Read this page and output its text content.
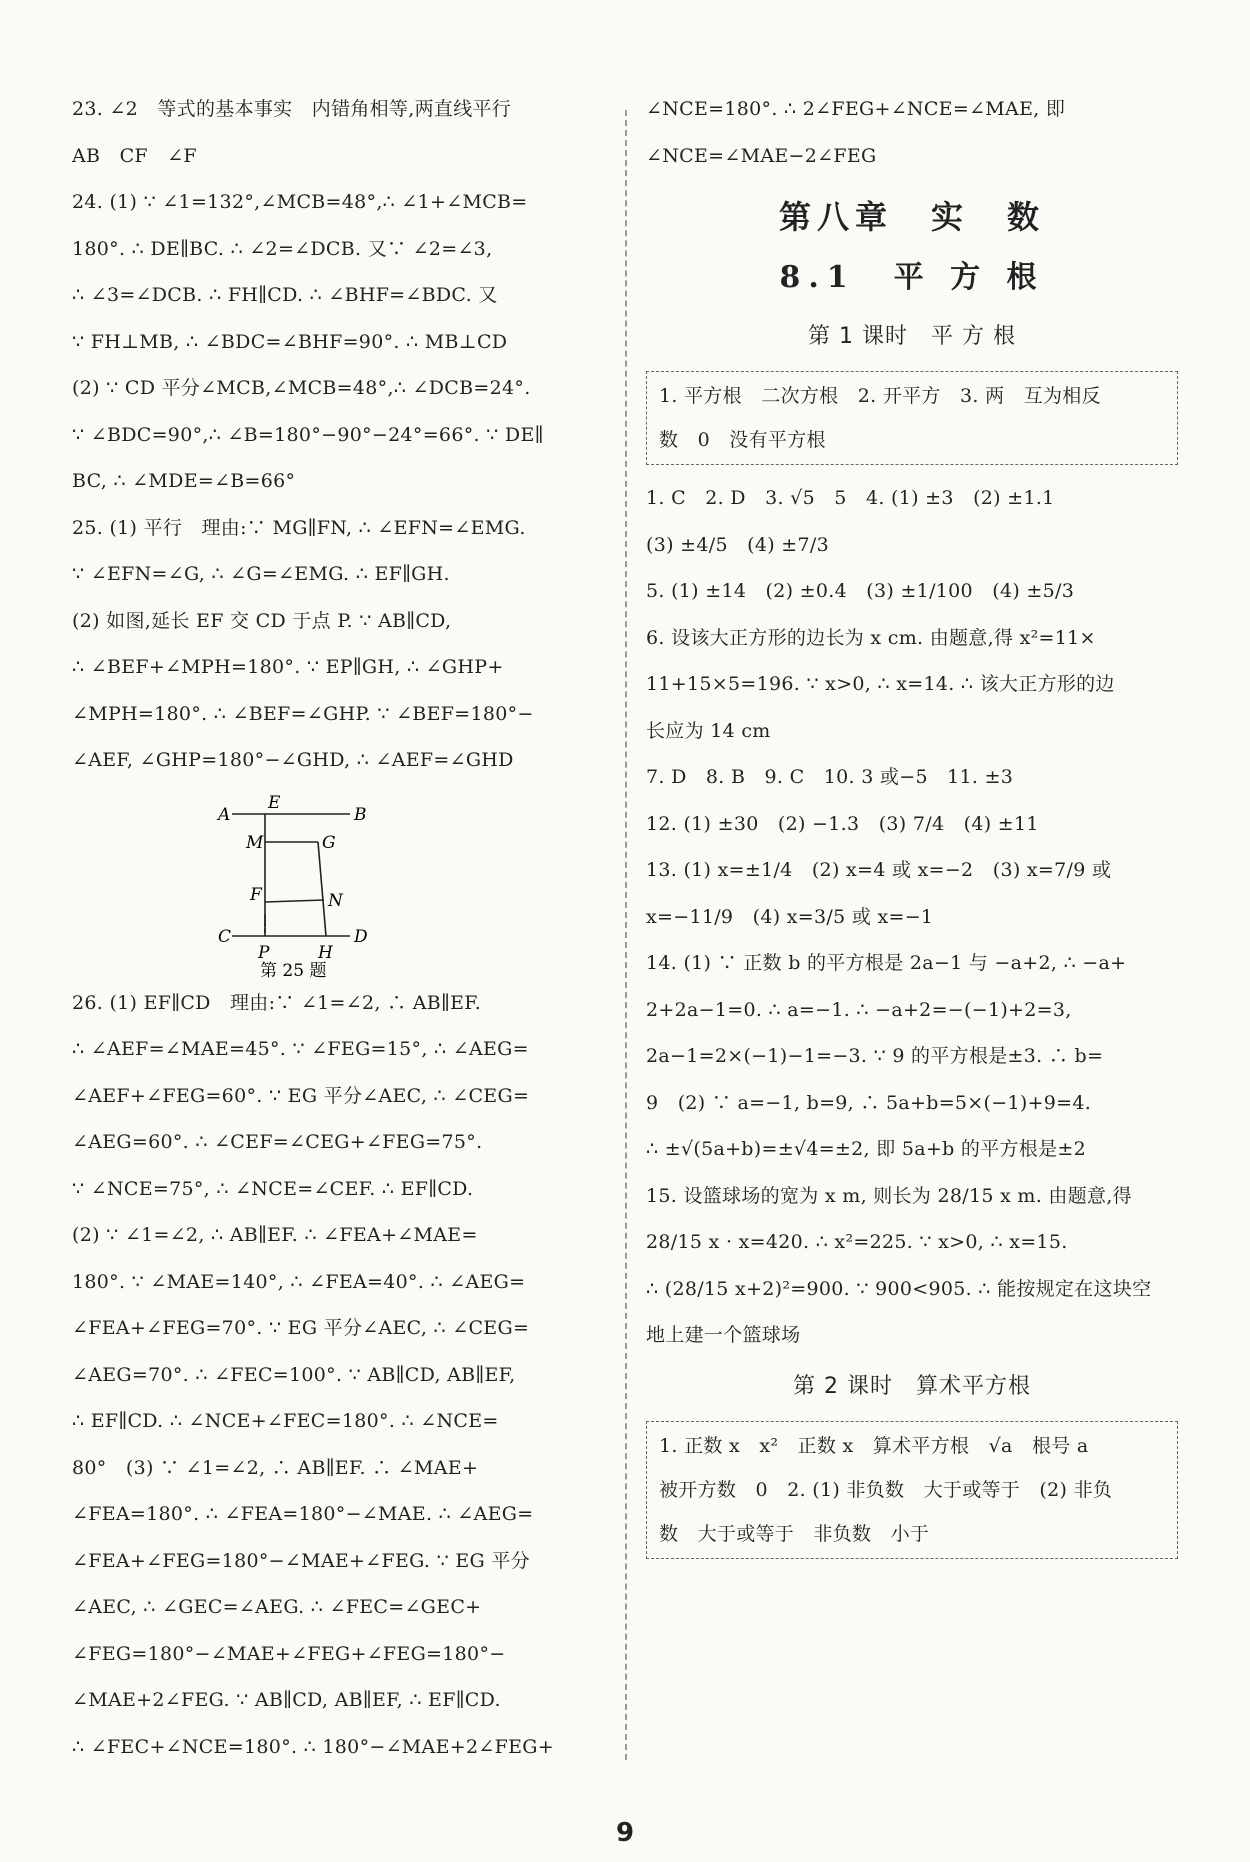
23. ∠2　等式的基本事实　内错角相等,两直线平行
AB　CF　∠F
24. (1) ∵ ∠1=132°,∠MCB=48°,∴ ∠1+∠MCB=
180°. ∴ DE∥BC. ∴ ∠2=∠DCB. 又∵ ∠2=∠3,
∴ ∠3=∠DCB. ∴ FH∥CD. ∴ ∠BHF=∠BDC. 又
∵ FH⊥MB, ∴ ∠BDC=∠BHF=90°. ∴ MB⊥CD
(2) ∵ CD 平分∠MCB,∠MCB=48°,∴ ∠DCB=24°.
∵ ∠BDC=90°,∴ ∠B=180°−90°−24°=66°. ∵ DE∥
BC, ∴ ∠MDE=∠B=66°
25. (1) 平行　理由:∵ MG∥FN, ∴ ∠EFN=∠EMG.
∵ ∠EFN=∠G, ∴ ∠G=∠EMG. ∴ EF∥GH.
(2) 如图,延长 EF 交 CD 于点 P. ∵ AB∥CD,
∴ ∠BEF+∠MPH=180°. ∵ EP∥GH, ∴ ∠GHP+
∠MPH=180°. ∴ ∠BEF=∠GHP. ∵ ∠BEF=180°−
∠AEF, ∠GHP=180°−∠GHD, ∴ ∠AEF=∠GHD
A
E
B
M	G
F	N
C
P	H
D
第 25 题
26. (1) EF∥CD　理由:∵ ∠1=∠2, ∴ AB∥EF.
∴ ∠AEF=∠MAE=45°. ∵ ∠FEG=15°, ∴ ∠AEG=
∠AEF+∠FEG=60°. ∵ EG 平分∠AEC, ∴ ∠CEG=
∠AEG=60°. ∴ ∠CEF=∠CEG+∠FEG=75°.
∵ ∠NCE=75°, ∴ ∠NCE=∠CEF. ∴ EF∥CD.
(2) ∵ ∠1=∠2, ∴ AB∥EF. ∴ ∠FEA+∠MAE=
180°. ∵ ∠MAE=140°, ∴ ∠FEA=40°. ∴ ∠AEG=
∠FEA+∠FEG=70°. ∵ EG 平分∠AEC, ∴ ∠CEG=
∠AEG=70°. ∴ ∠FEC=100°. ∵ AB∥CD, AB∥EF,
∴ EF∥CD. ∴ ∠NCE+∠FEC=180°. ∴ ∠NCE=
80°　(3) ∵ ∠1=∠2, ∴ AB∥EF. ∴ ∠MAE+
∠FEA=180°. ∴ ∠FEA=180°−∠MAE. ∴ ∠AEG=
∠FEA+∠FEG=180°−∠MAE+∠FEG. ∵ EG 平分
∠AEC, ∴ ∠GEC=∠AEG. ∴ ∠FEC=∠GEC+
∠FEG=180°−∠MAE+∠FEG+∠FEG=180°−
∠MAE+2∠FEG. ∵ AB∥CD, AB∥EF, ∴ EF∥CD.
∴ ∠FEC+∠NCE=180°. ∴ 180°−∠MAE+2∠FEG+
∠NCE=180°. ∴ 2∠FEG+∠NCE=∠MAE, 即
∠NCE=∠MAE−2∠FEG
第八章　实　数
8.1　平 方 根
第 1 课时　平 方 根
1. 平方根　二次方根　2. 开平方　3. 两　互为相反
数　0　没有平方根
1. C　2. D　3. √5　5　4. (1) ±3　(2) ±1.1
(3) ±4/5　(4) ±7/3
5. (1) ±14　(2) ±0.4　(3) ±1/100　(4) ±5/3
6. 设该大正方形的边长为 x cm. 由题意,得 x²=11×
11+15×5=196. ∵ x>0, ∴ x=14. ∴ 该大正方形的边
长应为 14 cm
7. D　8. B　9. C　10. 3 或−5　11. ±3
12. (1) ±30　(2) −1.3　(3) 7/4　(4) ±11
13. (1) x=±1/4　(2) x=4 或 x=−2　(3) x=7/9 或
x=−11/9　(4) x=3/5 或 x=−1
14. (1) ∵ 正数 b 的平方根是 2a−1 与 −a+2, ∴ −a+
2+2a−1=0. ∴ a=−1. ∴ −a+2=−(−1)+2=3,
2a−1=2×(−1)−1=−3. ∵ 9 的平方根是±3. ∴ b=
9　(2) ∵ a=−1, b=9, ∴ 5a+b=5×(−1)+9=4.
∴ ±√(5a+b)=±√4=±2, 即 5a+b 的平方根是±2
15. 设篮球场的宽为 x m, 则长为 28/15 x m. 由题意,得
28/15 x · x=420. ∴ x²=225. ∵ x>0, ∴ x=15.
∴ (28/15 x+2)²=900. ∵ 900<905. ∴ 能按规定在这块空
地上建一个篮球场
第 2 课时　算术平方根
1. 正数 x　x²　正数 x　算术平方根　√a　根号 a
被开方数　0　2. (1) 非负数　大于或等于　(2) 非负
数　大于或等于　非负数　小于
9
